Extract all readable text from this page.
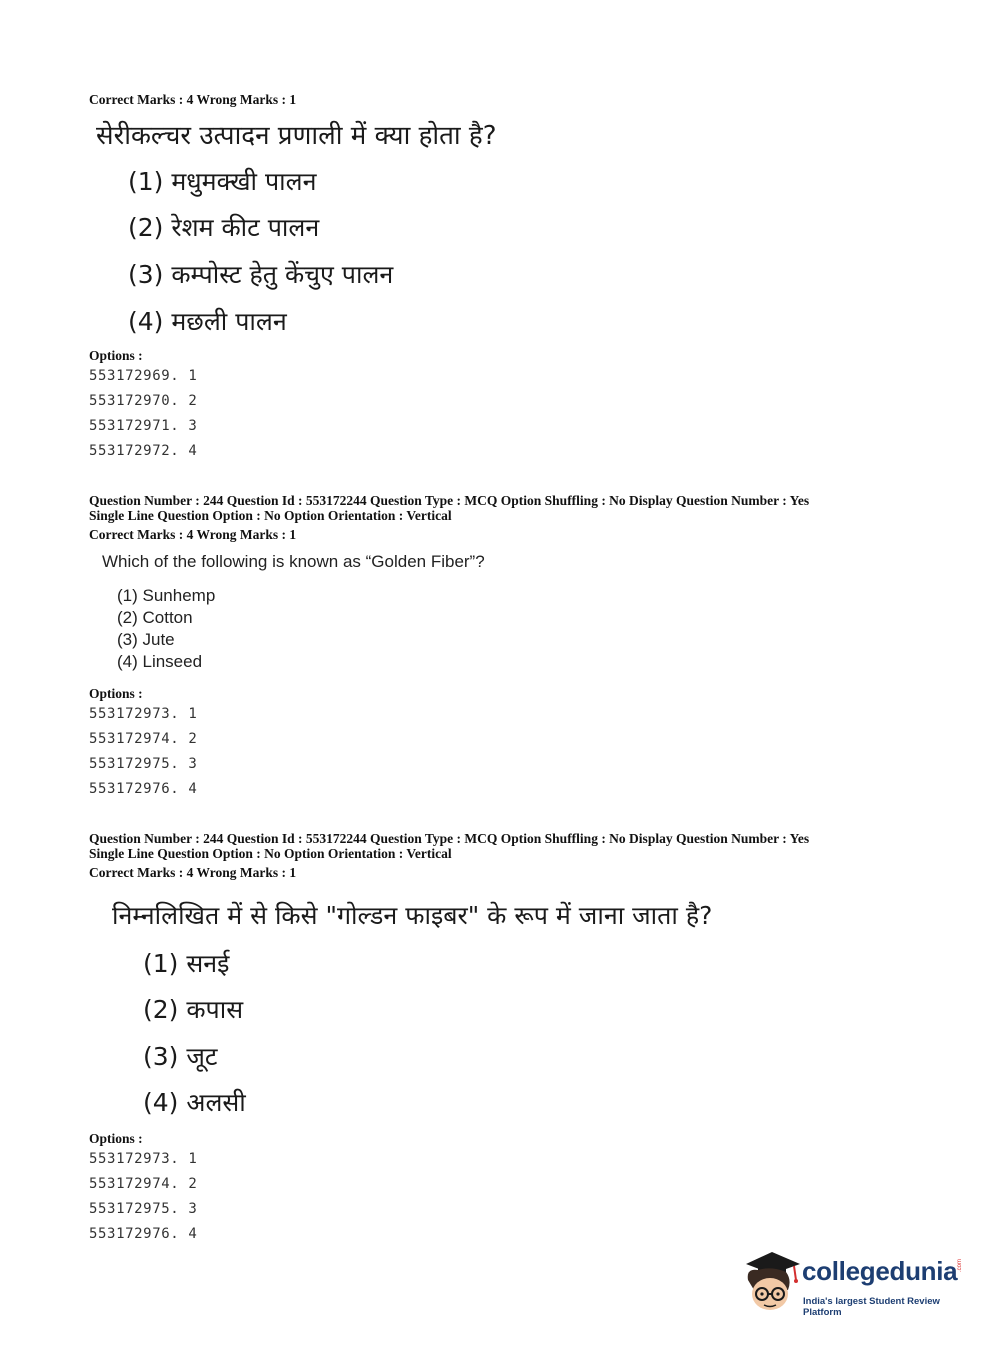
Correct Marks : 4 Wrong Marks : 1
सेरीकल्चर उत्पादन प्रणाली में क्या होता है?
(1) मधुमक्खी पालन
(2) रेशम कीट पालन
(3) कम्पोस्ट हेतु केंचुए पालन
(4) मछली पालन
Options :
553172969. 1
553172970. 2
553172971. 3
553172972. 4
Question Number : 244 Question Id : 553172244 Question Type : MCQ Option Shuffling : No Display Question Number : Yes
Single Line Question Option : No Option Orientation : Vertical
Correct Marks : 4 Wrong Marks : 1
Which of the following is known as “Golden Fiber”?
(1) Sunhemp
(2) Cotton
(3) Jute
(4) Linseed
Options :
553172973. 1
553172974. 2
553172975. 3
553172976. 4
Question Number : 244 Question Id : 553172244 Question Type : MCQ Option Shuffling : No Display Question Number : Yes
Single Line Question Option : No Option Orientation : Vertical
Correct Marks : 4 Wrong Marks : 1
निम्नलिखित में से किसे "गोल्डन फाइबर" के रूप में जाना जाता है?
(1) सनई
(2) कपास
(3) जूट
(4) अलसी
Options :
553172973. 1
553172974. 2
553172975. 3
553172976. 4
collegedunia .com
India's largest Student Review Platform
